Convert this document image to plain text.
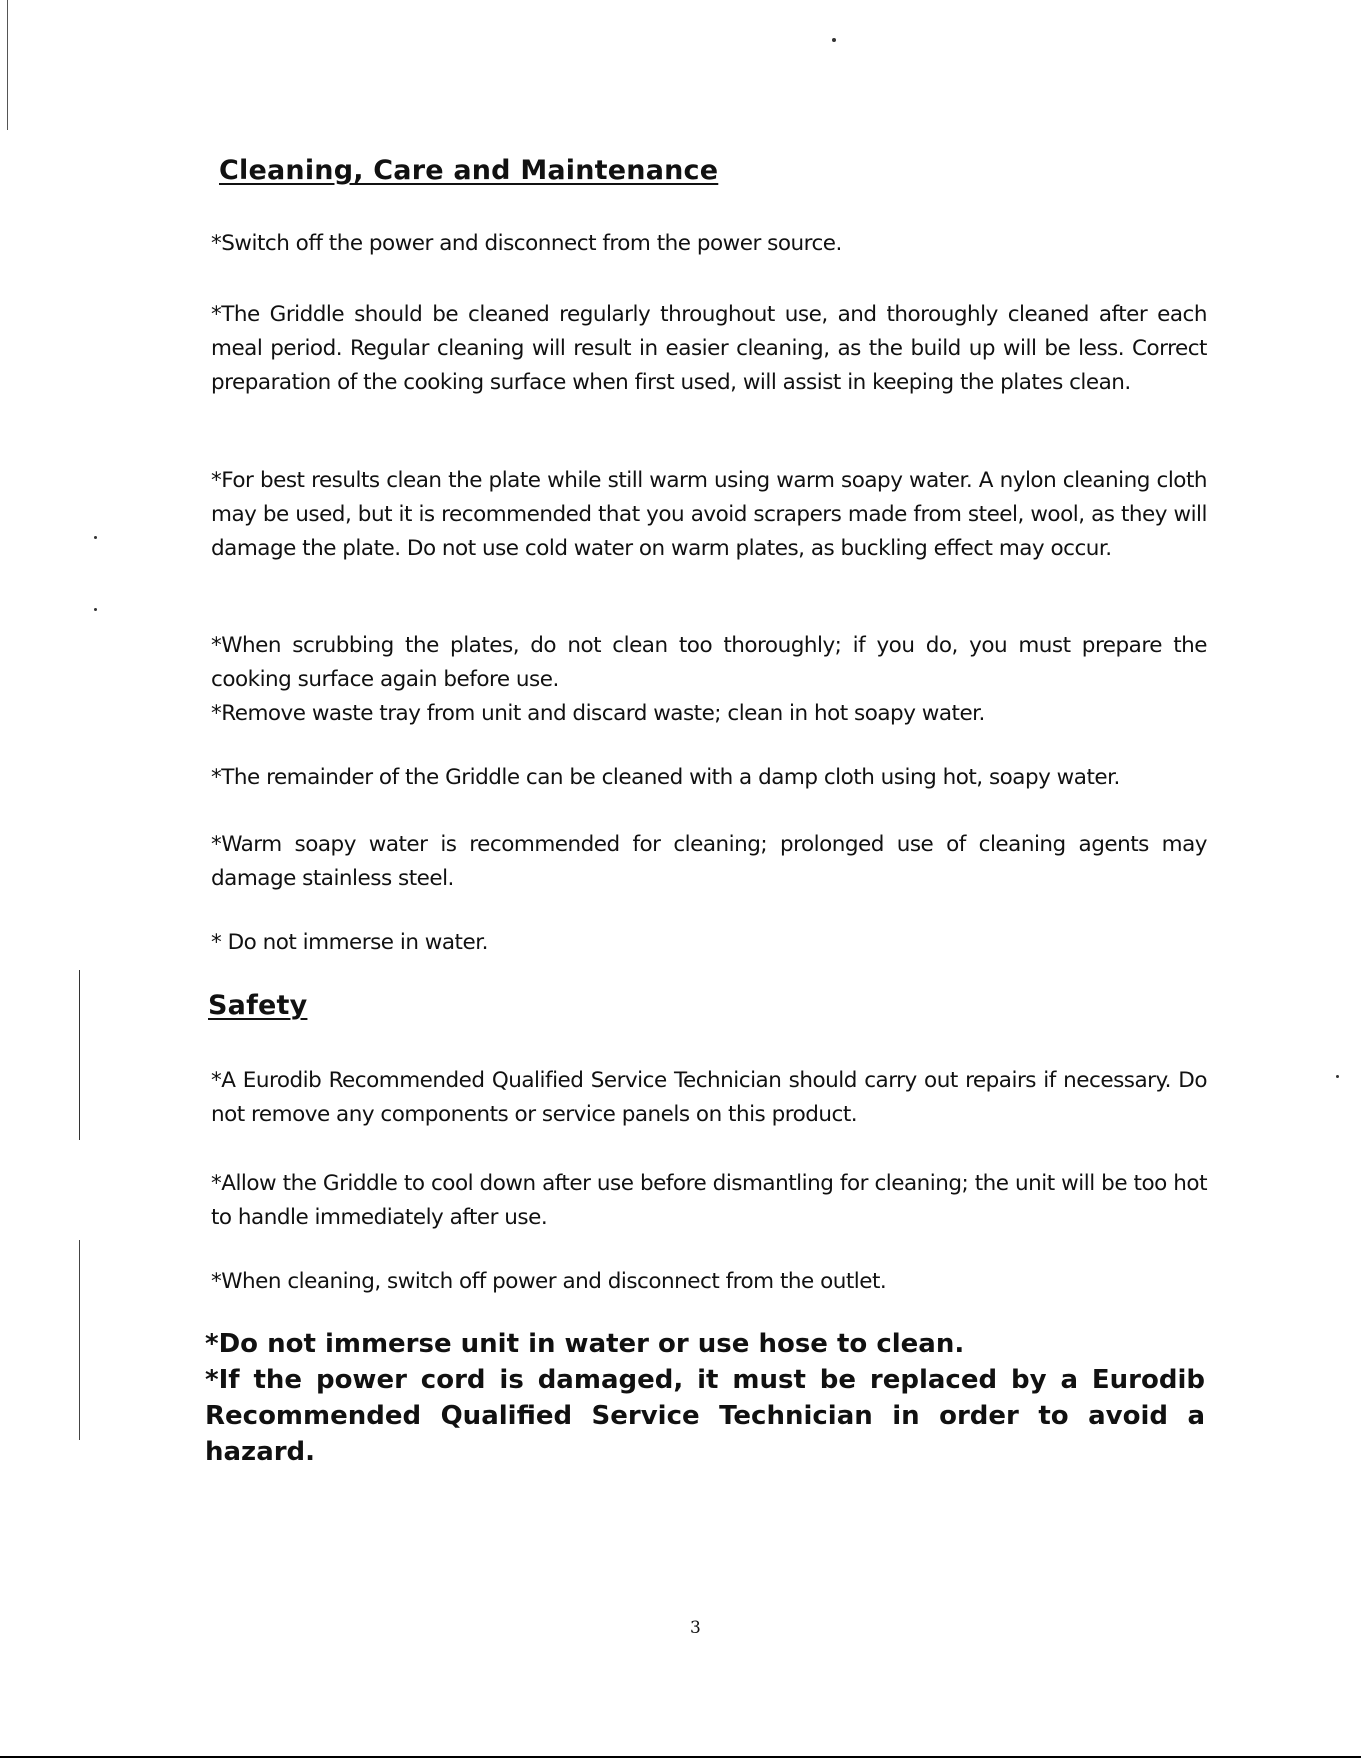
Cleaning, Care and Maintenance
*Switch off the power and disconnect from the power source.
*The Griddle should be cleaned regularly throughout use, and thoroughly cleaned after each meal period. Regular cleaning will result in easier cleaning, as the build up will be less. Correct preparation of the cooking surface when first used, will assist in keeping the plates clean.
*For best results clean the plate while still warm using warm soapy water. A nylon cleaning cloth may be used, but it is recommended that you avoid scrapers made from steel, wool, as they will damage the plate. Do not use cold water on warm plates, as buckling effect may occur.
*When scrubbing the plates, do not clean too thoroughly; if you do, you must prepare the cooking surface again before use.
*Remove waste tray from unit and discard waste; clean in hot soapy water.
*The remainder of the Griddle can be cleaned with a damp cloth using hot, soapy water.
*Warm soapy water is recommended for cleaning; prolonged use of cleaning agents may damage stainless steel.
* Do not immerse in water.
Safety
*A Eurodib Recommended Qualified Service Technician should carry out repairs if necessary. Do not remove any components or service panels on this product.
*Allow the Griddle to cool down after use before dismantling for cleaning; the unit will be too hot to handle immediately after use.
*When cleaning, switch off power and disconnect from the outlet.
*Do not immerse unit in water or use hose to clean.
*If the power cord is damaged, it must be replaced by a Eurodib Recommended Qualified Service Technician in order to avoid a hazard.
3
